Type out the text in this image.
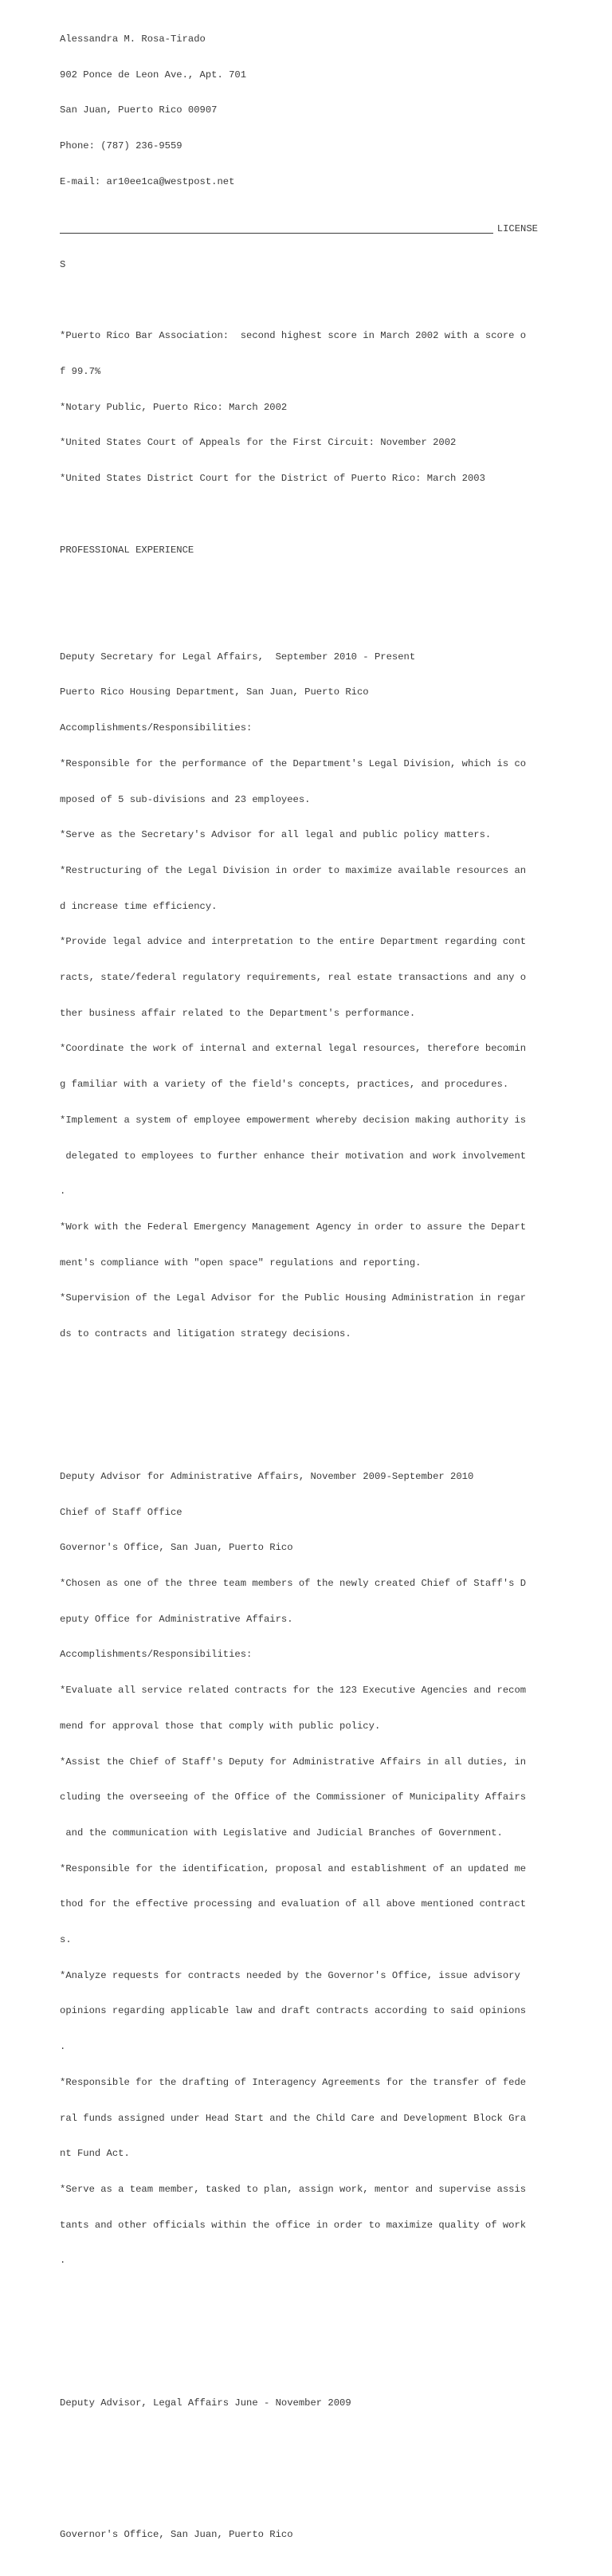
Alessandra M. Rosa-Tirado

902 Ponce de Leon Ave., Apt. 701

San Juan, Puerto Rico 00907

Phone: (787) 236-9559

E-mail: ar10ee1ca@westpost.net

LICENSE

S

*Puerto Rico Bar Association:  second highest score in March 2002 with a score o

f 99.7%

*Notary Public, Puerto Rico: March 2002

*United States Court of Appeals for the First Circuit: November 2002

*United States District Court for the District of Puerto Rico: March 2003

PROFESSIONAL EXPERIENCE

Deputy Secretary for Legal Affairs,  September 2010 - Present

Puerto Rico Housing Department, San Juan, Puerto Rico

Accomplishments/Responsibilities:

*Responsible for the performance of the Department's Legal Division, which is co

mposed of 5 sub-divisions and 23 employees.

*Serve as the Secretary's Advisor for all legal and public policy matters.

*Restructuring of the Legal Division in order to maximize available resources an

d increase time efficiency.

*Provide legal advice and interpretation to the entire Department regarding cont

racts, state/federal regulatory requirements, real estate transactions and any o

ther business affair related to the Department's performance.

*Coordinate the work of internal and external legal resources, therefore becomin

g familiar with a variety of the field's concepts, practices, and procedures.

*Implement a system of employee empowerment whereby decision making authority is

delegated to employees to further enhance their motivation and work involvement

.

*Work with the Federal Emergency Management Agency in order to assure the Depart

ment's compliance with "open space" regulations and reporting.

*Supervision of the Legal Advisor for the Public Housing Administration in regar

ds to contracts and litigation strategy decisions.

Deputy Advisor for Administrative Affairs, November 2009-September 2010

Chief of Staff Office

Governor's Office, San Juan, Puerto Rico

*Chosen as one of the three team members of the newly created Chief of Staff's D

eputy Office for Administrative Affairs.

Accomplishments/Responsibilities:

*Evaluate all service related contracts for the 123 Executive Agencies and recom

mend for approval those that comply with public policy.

*Assist the Chief of Staff's Deputy for Administrative Affairs in all duties, in

cluding the overseeing of the Office of the Commissioner of Municipality Affairs

and the communication with Legislative and Judicial Branches of Government.

*Responsible for the identification, proposal and establishment of an updated me

thod for the effective processing and evaluation of all above mentioned contract

s.

*Analyze requests for contracts needed by the Governor's Office, issue advisory

opinions regarding applicable law and draft contracts according to said opinions

.

*Responsible for the drafting of Interagency Agreements for the transfer of fede

ral funds assigned under Head Start and the Child Care and Development Block Gra

nt Fund Act.

*Serve as a team member, tasked to plan, assign work, mentor and supervise assis

tants and other officials within the office in order to maximize quality of work

.

Deputy Advisor, Legal Affairs June - November 2009

Governor's Office, San Juan, Puerto Rico
